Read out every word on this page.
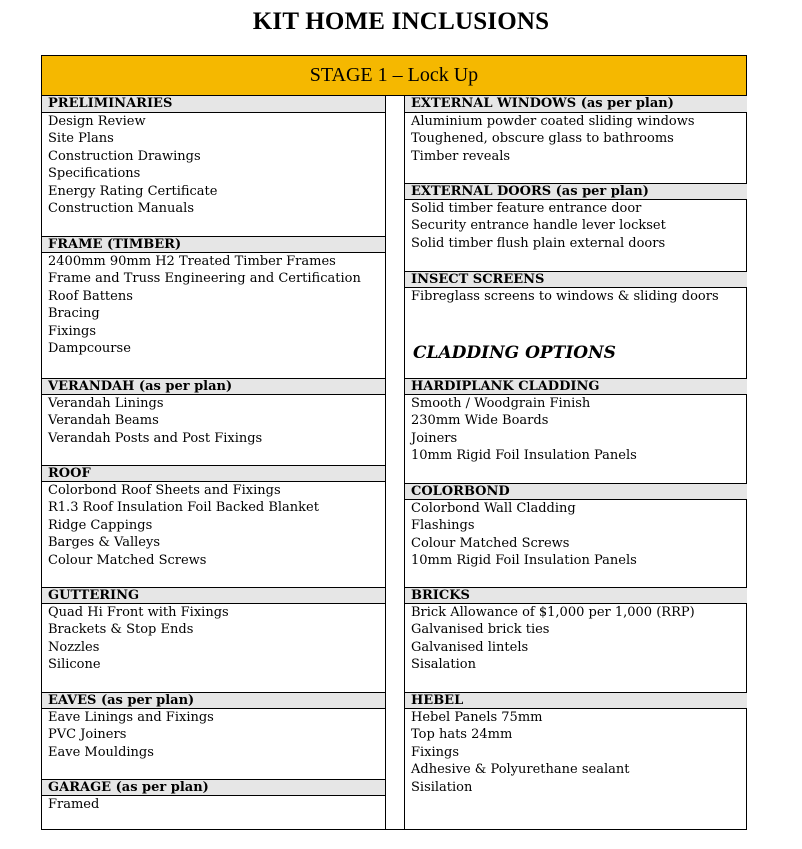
KIT HOME INCLUSIONS
STAGE 1 – Lock Up
PRELIMINARIES
Design Review
Site Plans
Construction Drawings
Specifications
Energy Rating Certificate
Construction Manuals
FRAME (TIMBER)
2400mm 90mm H2 Treated Timber Frames
Frame and Truss Engineering and Certification
Roof Battens
Bracing
Fixings
Dampcourse
VERANDAH (as per plan)
Verandah Linings
Verandah Beams
Verandah Posts and Post Fixings
ROOF
Colorbond Roof Sheets and Fixings
R1.3 Roof Insulation Foil Backed Blanket
Ridge Cappings
Barges & Valleys
Colour Matched Screws
GUTTERING
Quad Hi Front with Fixings
Brackets & Stop Ends
Nozzles
Silicone
EAVES (as per plan)
Eave Linings and Fixings
PVC Joiners
Eave Mouldings
GARAGE (as per plan)
Framed
CLADDING OPTIONS
EXTERNAL WINDOWS (as per plan)
Aluminium powder coated sliding windows
Toughened, obscure glass to bathrooms
Timber reveals
EXTERNAL DOORS (as per plan)
Solid timber feature entrance door
Security entrance handle lever lockset
Solid timber flush plain external doors
INSECT SCREENS
Fibreglass screens to windows & sliding doors
HARDIPLANK CLADDING
Smooth / Woodgrain Finish
230mm Wide Boards
Joiners
10mm Rigid Foil Insulation Panels
COLORBOND
Colorbond Wall Cladding
Flashings
Colour Matched Screws
10mm Rigid Foil Insulation Panels
BRICKS
Brick Allowance of $1,000 per 1,000 (RRP)
Galvanised brick ties
Galvanised lintels
Sisalation
HEBEL
Hebel Panels 75mm
Top hats 24mm
Fixings
Adhesive & Polyurethane sealant
Sisilation
